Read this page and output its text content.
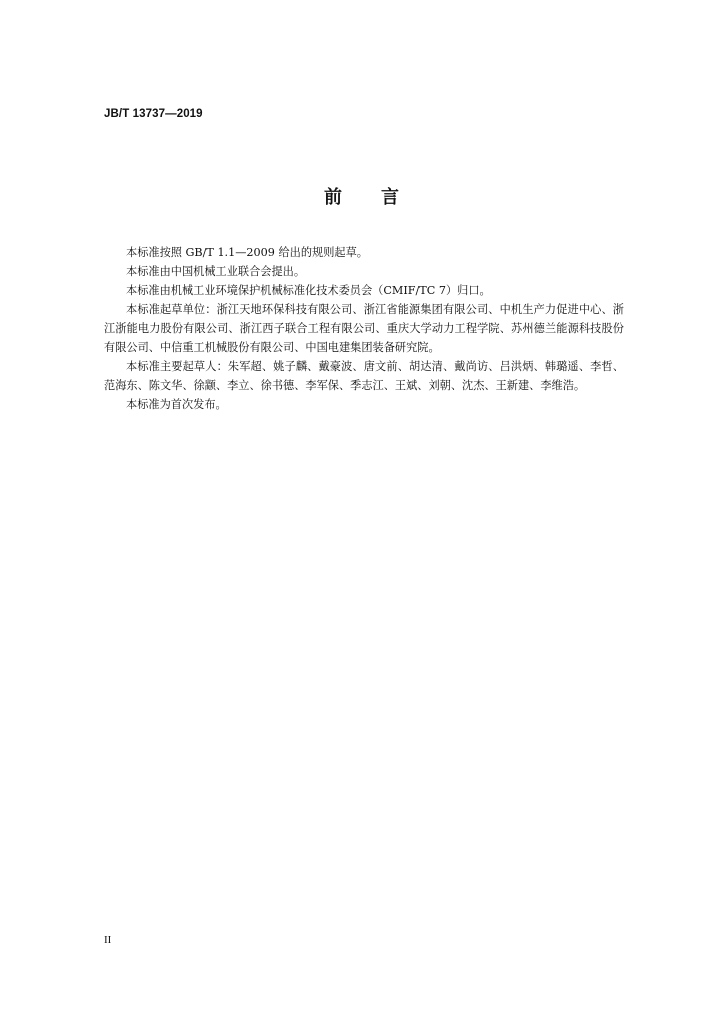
JB/T 13737—2019
前　　言

本标准按照 GB/T 1.1—2009 给出的规则起草。

本标准由中国机械工业联合会提出。

本标准由机械工业环境保护机械标准化技术委员会（CMIF/TC 7）归口。

本标准起草单位：浙江天地环保科技有限公司、浙江省能源集团有限公司、中机生产力促进中心、浙江浙能电力股份有限公司、浙江西子联合工程有限公司、重庆大学动力工程学院、苏州德兰能源科技股份有限公司、中信重工机械股份有限公司、中国电建集团装备研究院。

本标准主要起草人：朱军超、姚子麟、戴豪波、唐文前、胡达清、戴尚访、吕洪炳、韩璐遥、李哲、范海东、陈文华、徐颛、李立、徐书德、李军保、季志江、王斌、刘朝、沈杰、王新建、李维浩。

本标准为首次发布。

II
